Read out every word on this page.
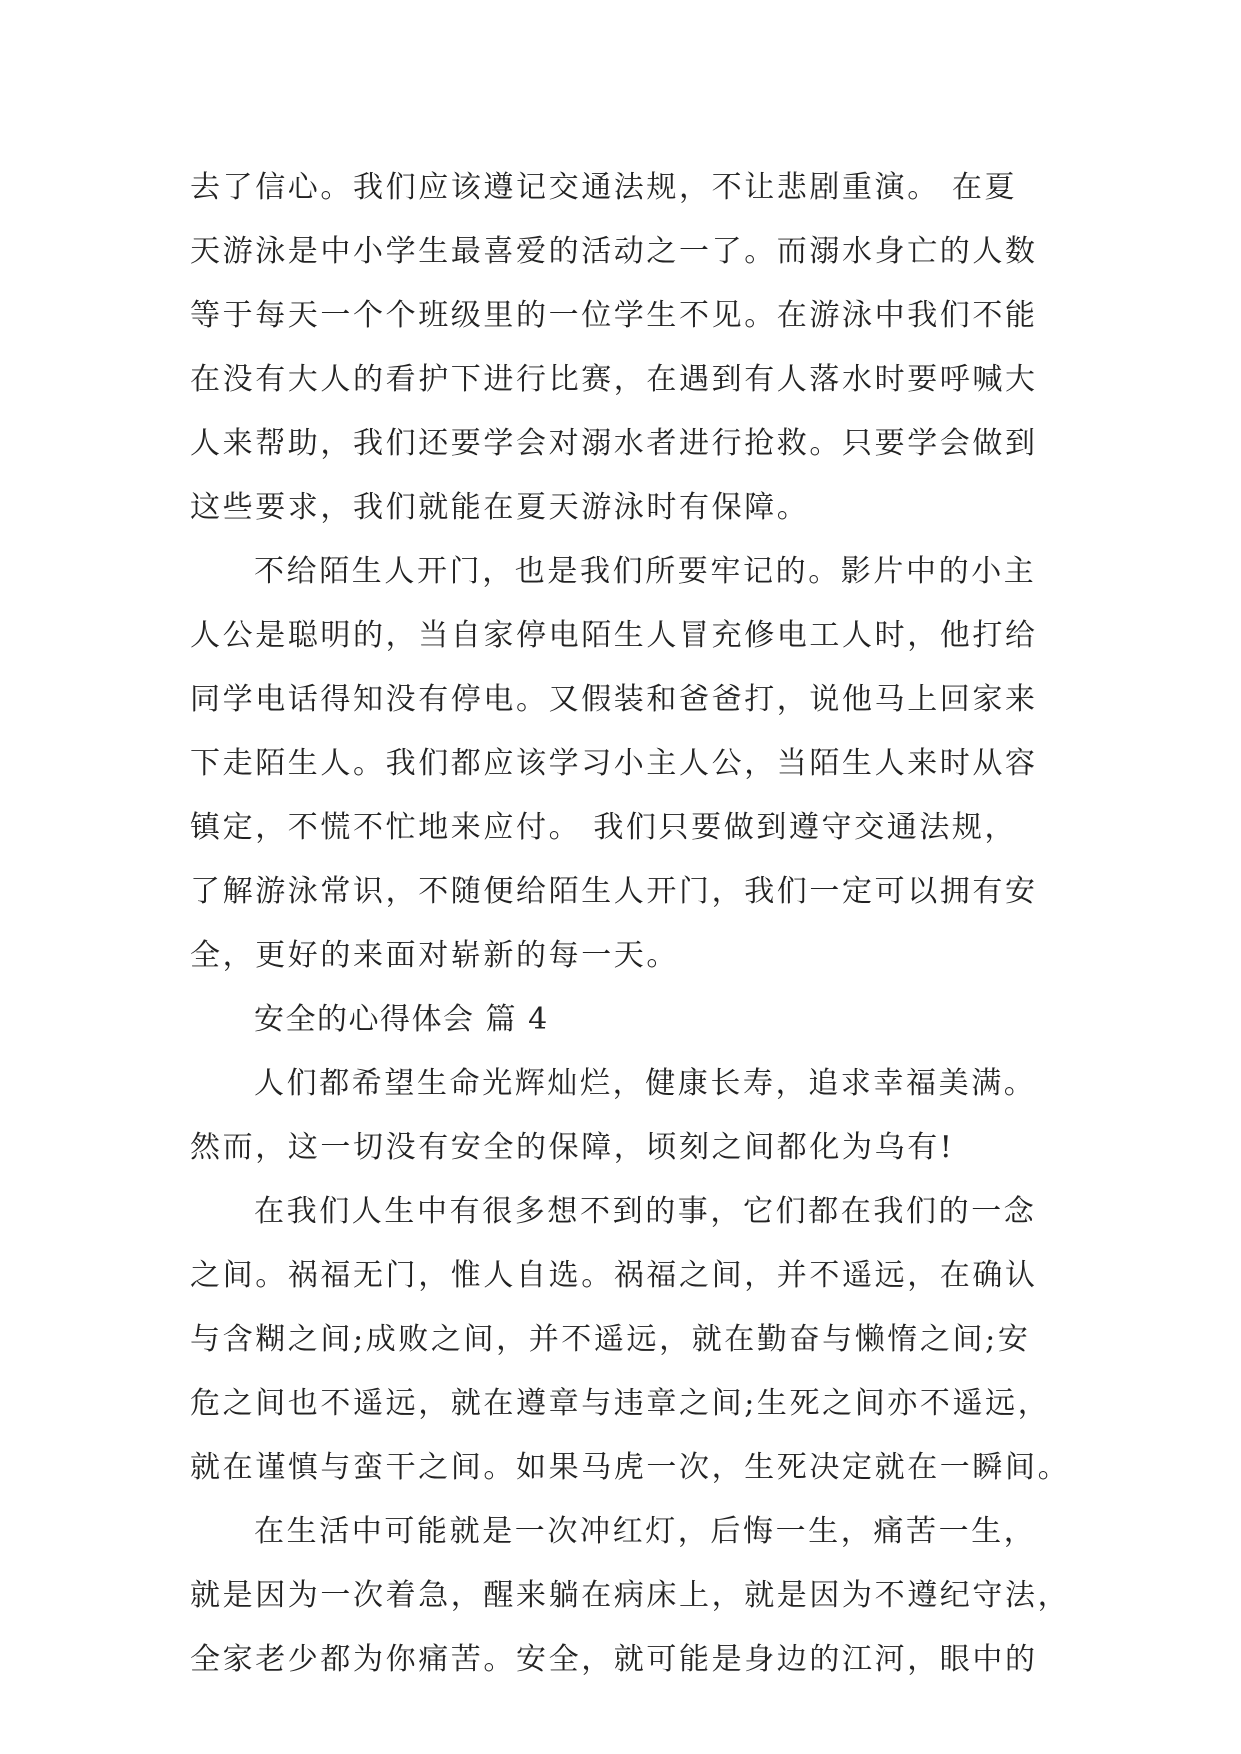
去了信心。我们应该遵记交通法规，不让悲剧重演。 在夏
天游泳是中小学生最喜爱的活动之一了。而溺水身亡的人数
等于每天一个个班级里的一位学生不见。在游泳中我们不能
在没有大人的看护下进行比赛，在遇到有人落水时要呼喊大
人来帮助，我们还要学会对溺水者进行抢救。只要学会做到
这些要求，我们就能在夏天游泳时有保障。
不给陌生人开门，也是我们所要牢记的。影片中的小主
人公是聪明的，当自家停电陌生人冒充修电工人时，他打给
同学电话得知没有停电。又假装和爸爸打，说他马上回家来
下走陌生人。我们都应该学习小主人公，当陌生人来时从容
镇定，不慌不忙地来应付。 我们只要做到遵守交通法规，
了解游泳常识，不随便给陌生人开门，我们一定可以拥有安
全，更好的来面对崭新的每一天。
安全的心得体会 篇 4
人们都希望生命光辉灿烂，健康长寿，追求幸福美满。
然而，这一切没有安全的保障，顷刻之间都化为乌有!
在我们人生中有很多想不到的事，它们都在我们的一念
之间。祸福无门，惟人自选。祸福之间，并不遥远，在确认
与含糊之间;成败之间，并不遥远，就在勤奋与懒惰之间;安
危之间也不遥远，就在遵章与违章之间;生死之间亦不遥远，
就在谨慎与蛮干之间。如果马虎一次，生死决定就在一瞬间。
在生活中可能就是一次冲红灯，后悔一生，痛苦一生，
就是因为一次着急，醒来躺在病床上，就是因为不遵纪守法，
全家老少都为你痛苦。安全，就可能是身边的江河，眼中的
